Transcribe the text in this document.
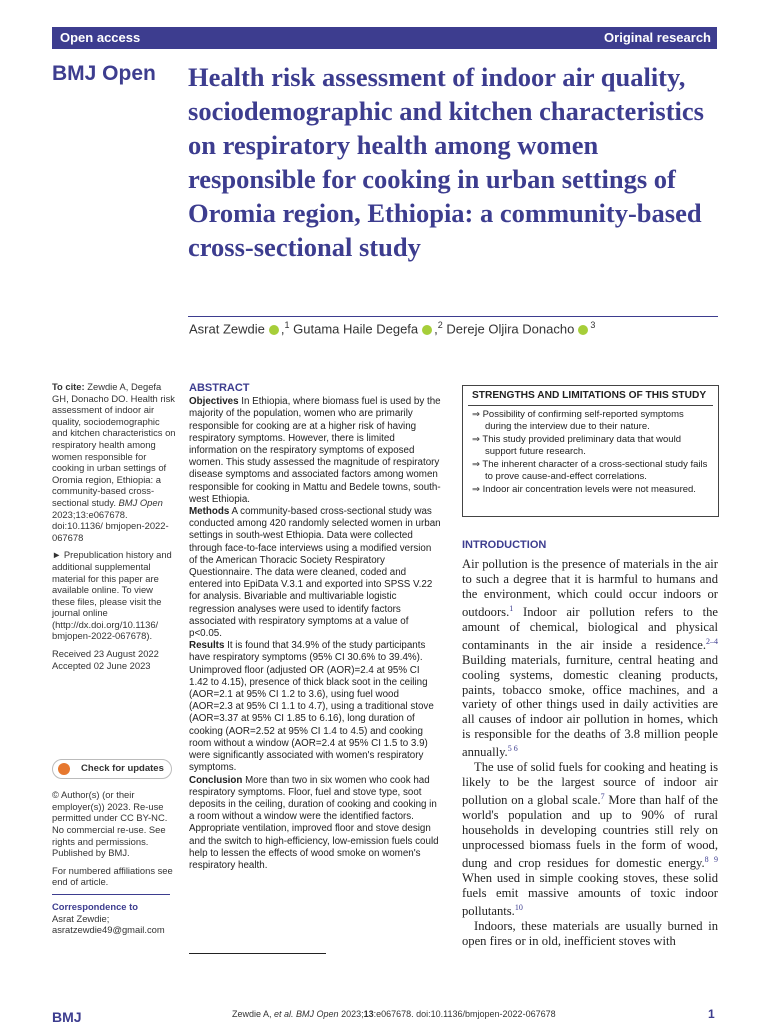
Open access	Original research
BMJ Open Health risk assessment of indoor air quality, sociodemographic and kitchen characteristics on respiratory health among women responsible for cooking in urban settings of Oromia region, Ethiopia: a community-based cross-sectional study
Asrat Zewdie ,$^1$ Gutama Haile Degefa ,$^2$ Dereje Oljira Donacho $^3$

To cite: Zewdie A, Degefa GH, Donacho DO. Health risk assessment of indoor air quality, sociodemographic and kitchen characteristics on respiratory health among women responsible for cooking in urban settings of Oromia region, Ethiopia: a community-based cross-sectional study. BMJ Open 2023;13:e067678. doi:10.1136/ bmjopen-2022-067678

► Prepublication history and additional supplemental material for this paper are available online. To view these files, please visit the journal online (http://dx.doi.org/10.1136/ bmjopen-2022-067678).

Received 23 August 2022

Accepted 02 June 2023

Check for updates

© Author(s) (or their employer(s)) 2023. Re-use permitted under CC BY-NC. No commercial re-use. See rights and permissions. Published by BMJ.

For numbered affiliations see end of article.

Correspondence to

Asrat Zewdie;

asratzewdie49@gmail.com

ABSTRACT

Objectives In Ethiopia, where biomass fuel is used by the majority of the population, women who are primarily responsible for cooking are at a higher risk of having respiratory symptoms. However, there is limited information on the respiratory symptoms of exposed women. This study assessed the magnitude of respiratory disease symptoms and associated factors among women responsible for cooking in Mattu and Bedele towns, south-west Ethiopia.

Methods A community-based cross-sectional study was conducted among 420 randomly selected women in urban settings in south-west Ethiopia. Data were collected through face-to-face interviews using a modified version of the American Thoracic Society Respiratory Questionnaire. The data were cleaned, coded and entered into EpiData V.3.1 and exported into SPSS V.22 for analysis. Bivariable and multivariable logistic regression analyses were used to identify factors associated with respiratory symptoms at a value of p<0.05.

Results It is found that 34.9% of the study participants have respiratory symptoms (95% CI 30.6% to 39.4%). Unimproved floor (adjusted OR (AOR)=2.4 at 95% CI 1.42 to 4.15), presence of thick black soot in the ceiling (AOR=2.1 at 95% CI 1.2 to 3.6), using fuel wood (AOR=2.3 at 95% CI 1.1 to 4.7), using a traditional stove (AOR=3.37 at 95% CI 1.85 to 6.16), long duration of cooking (AOR=2.52 at 95% CI 1.4 to 4.5) and cooking room without a window (AOR=2.4 at 95% CI 1.5 to 3.9) were significantly associated with women's respiratory symptoms.

Conclusion More than two in six women who cook had respiratory symptoms. Floor, fuel and stove type, soot deposits in the ceiling, duration of cooking and cooking in a room without a window were the identified factors. Appropriate ventilation, improved floor and stove design and the switch to high-efficiency, low-emission fuels could help to lessen the effects of wood smoke on women's respiratory health.

STRENGTHS AND LIMITATIONS OF THIS STUDY
⇒ Possibility of confirming self-reported symptoms during the interview due to their nature.
⇒ This study provided preliminary data that would support future research.
⇒ The inherent character of a cross-sectional study fails to prove cause-and-effect correlations.
⇒ Indoor air concentration levels were not measured.
INTRODUCTION

Air pollution is the presence of materials in the air to such a degree that it is harmful to humans and the environment, which could occur indoors or outdoors.$^1$ Indoor air pollution refers to the amount of chemical, biological and physical contaminants in the air inside a residence.$^{2-4}$ Building materials, furniture, central heating and cooling systems, domestic cleaning products, paints, tobacco smoke, office machines, and a variety of other things used in daily activities are all causes of indoor air pollution in homes, which is responsible for the deaths of 3.8 million people annually.$^{5 6}$

The use of solid fuels for cooking and heating is likely to be the largest source of indoor air pollution on a global scale.$^7$ More than half of the world's population and up to 90% of rural households in developing countries still rely on unprocessed biomass fuels in the form of wood, dung and crop residues for domestic energy.$^{8 9}$ When used in simple cooking stoves, these solid fuels emit massive amounts of toxic indoor pollutants.$^{10}$

Indoors, these materials are usually burned in open fires or in old, inefficient stoves with

BMJ	Zewdie A, et al. BMJ Open 2023;13:e067678. doi:10.1136/bmjopen-2022-067678	1
